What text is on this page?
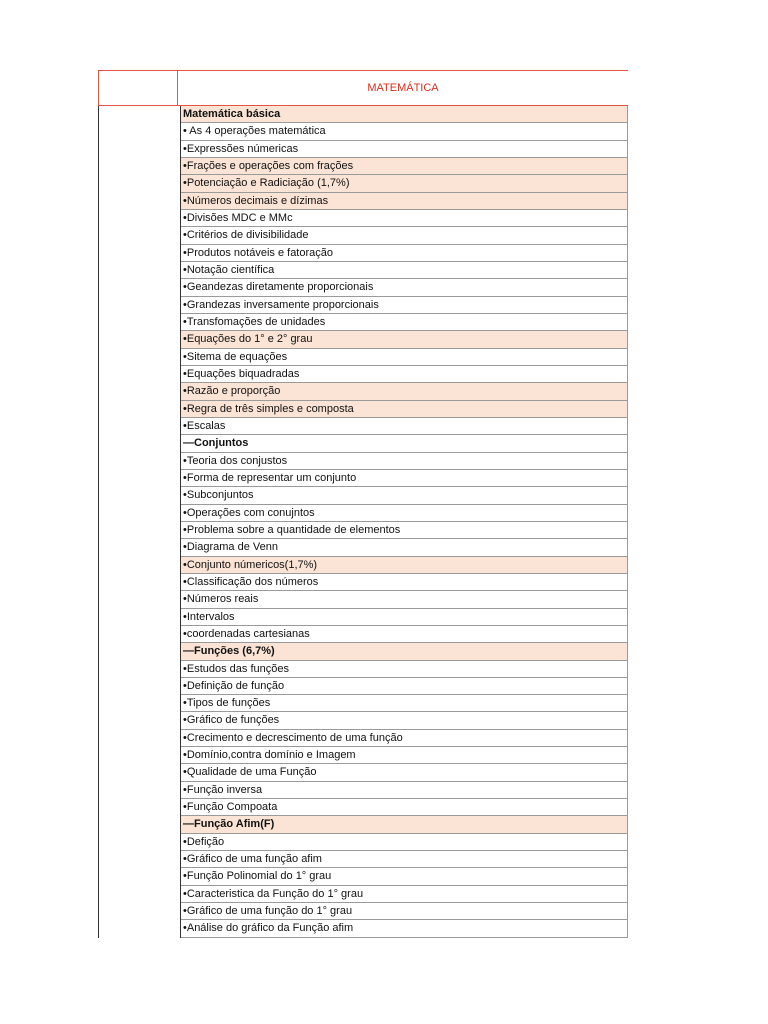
MATEMÁTICA
Matemática básica
• As 4 operações matemática
•Expressões númericas
•Frações e operações com frações
•Potenciação e Radiciação (1,7%)
•Números decimais e dízimas
•Divisões MDC e MMc
•Critérios de divisibilidade
•Produtos notáveis e fatoração
•Notação científica
•Geandezas diretamente proporcionais
•Grandezas inversamente proporcionais
•Transfomações de unidades
•Equações do 1° e 2° grau
•Sitema de equações
•Equações biquadradas
•Razão e proporção
•Regra de três simples e composta
•Escalas
—Conjuntos
•Teoria dos conjustos
•Forma de representar um conjunto
•Subconjuntos
•Operações com conujntos
•Problema sobre a quantidade de elementos
•Diagrama de Venn
•Conjunto númericos(1,7%)
•Classificação dos números
•Números reais
•Intervalos
•coordenadas cartesianas
—Funções (6,7%)
•Estudos das funções
•Definição de função
•Tipos de funções
•Gráfico de funções
•Crecimento e decrescimento de uma função
•Domínio,contra domínio e Imagem
•Qualidade de uma Função
•Função inversa
•Função Compoata
—Função Afim(F)
•Defição
•Gráfico de uma função afim
•Função Polinomial do 1° grau
•Caracteristica da Função do 1° grau
•Gráfico de uma função do 1° grau
•Análise do gráfico da Função afim
